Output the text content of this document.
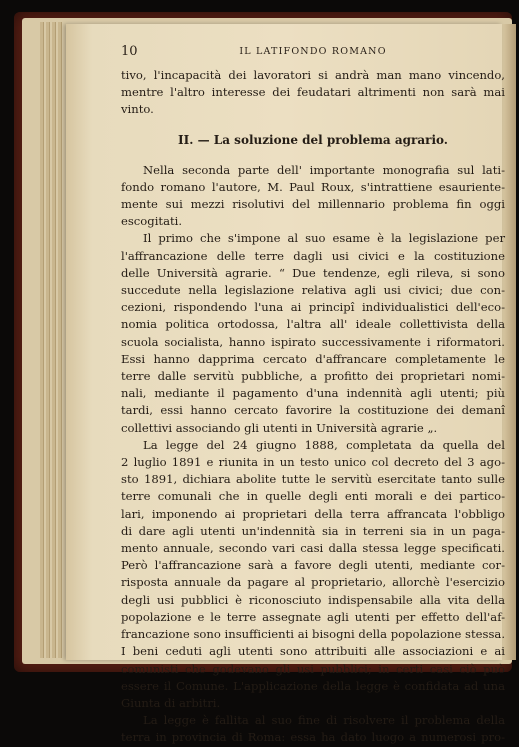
10	IL LATIFONDO ROMANO
tivo, l'incapacità dei lavoratori si andrà man mano vincendo,
mentre l'altro interesse dei feudatari altrimenti non sarà mai
vinto.
II. — La soluzione del problema agrario.
Nella seconda parte dell' importante monografia sul lati-
fondo romano l'autore, M. Paul Roux, s'intrattiene esauriente-
mente sui mezzi risolutivi del millennario problema fin oggi
escogitati.
Il primo che s'impone al suo esame è la legislazione per
l'affrancazione delle terre dagli usi civici e la costituzione
delle Università agrarie. “ Due tendenze, egli rileva, si sono
succedute nella legislazione relativa agli usi civici; due con-
cezioni, rispondendo l'una ai principî individualistici dell'eco-
nomia politica ortodossa, l'altra all' ideale collettivista della
scuola socialista, hanno ispirato successivamente i riformatori.
Essi hanno dapprima cercato d'affrancare completamente le
terre dalle servitù pubbliche, a profitto dei proprietari nomi-
nali, mediante il pagamento d'una indennità agli utenti; più
tardi, essi hanno cercato favorire la costituzione dei demanî
collettivi associando gli utenti in Università agrarie „.
La legge del 24 giugno 1888, completata da quella del
2 luglio 1891 e riunita in un testo unico col decreto del 3 ago-
sto 1891, dichiara abolite tutte le servitù esercitate tanto sulle
terre comunali che in quelle degli enti morali e dei partico-
lari, imponendo ai proprietari della terra affrancata l'obbligo
di dare agli utenti un'indennità sia in terreni sia in un paga-
mento annuale, secondo vari casi dalla stessa legge specificati.
Però l'affrancazione sarà a favore degli utenti, mediante cor-
risposta annuale da pagare al proprietario, allorchè l'esercizio
degli usi pubblici è riconosciuto indispensabile alla vita della
popolazione e le terre assegnate agli utenti per effetto dell'af-
francazione sono insufficienti ai bisogni della popolazione stessa.
I beni ceduti agli utenti sono attribuiti alle associazioni e ai
comunisti che godevano gli usi pubblici; in certi casi ciò può
essere il Comune. L'applicazione della legge è confidata ad una
Giunta di arbitri.
La legge è fallita al suo fine di risolvere il problema della
terra in provincia di Roma: essa ha dato luogo a numerosi pro-
